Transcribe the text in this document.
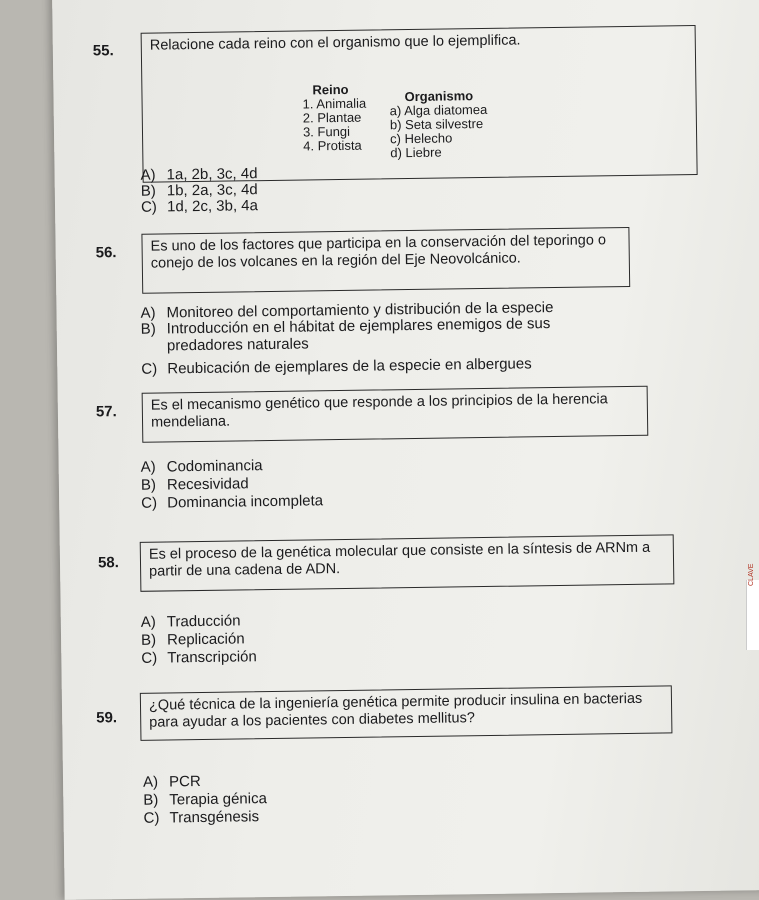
55. Relacione cada reino con el organismo que lo ejemplifica.
Reino	Organismo
1. Animalia
2. Plantae
3. Fungi
4. Protista
a) Alga diatomea
b) Seta silvestre
c) Helecho
d) Liebre
A) 1a, 2b, 3c, 4d
B) 1b, 2a, 3c, 4d
C) 1d, 2c, 3b, 4a
56. Es uno de los factores que participa en la conservación del teporingo o conejo de los volcanes en la región del Eje Neovolcánico.
A) Monitoreo del comportamiento y distribución de la especie
B) Introducción en el hábitat de ejemplares enemigos de sus predadores naturales
C) Reubicación de ejemplares de la especie en albergues
57. Es el mecanismo genético que responde a los principios de la herencia mendeliana.
A) Codominancia
B) Recesividad
C) Dominancia incompleta
58.
Es el proceso de la genética molecular que consiste en la síntesis de ARNm a partir de una cadena de ADN.
A) Traducción
B) Replicación
C) Transcripción
59.
¿Qué técnica de la ingeniería genética permite producir insulina en bacterias para ayudar a los pacientes con diabetes mellitus?
A) PCR
B) Terapia génica
C) Transgénesis
CLAVE
